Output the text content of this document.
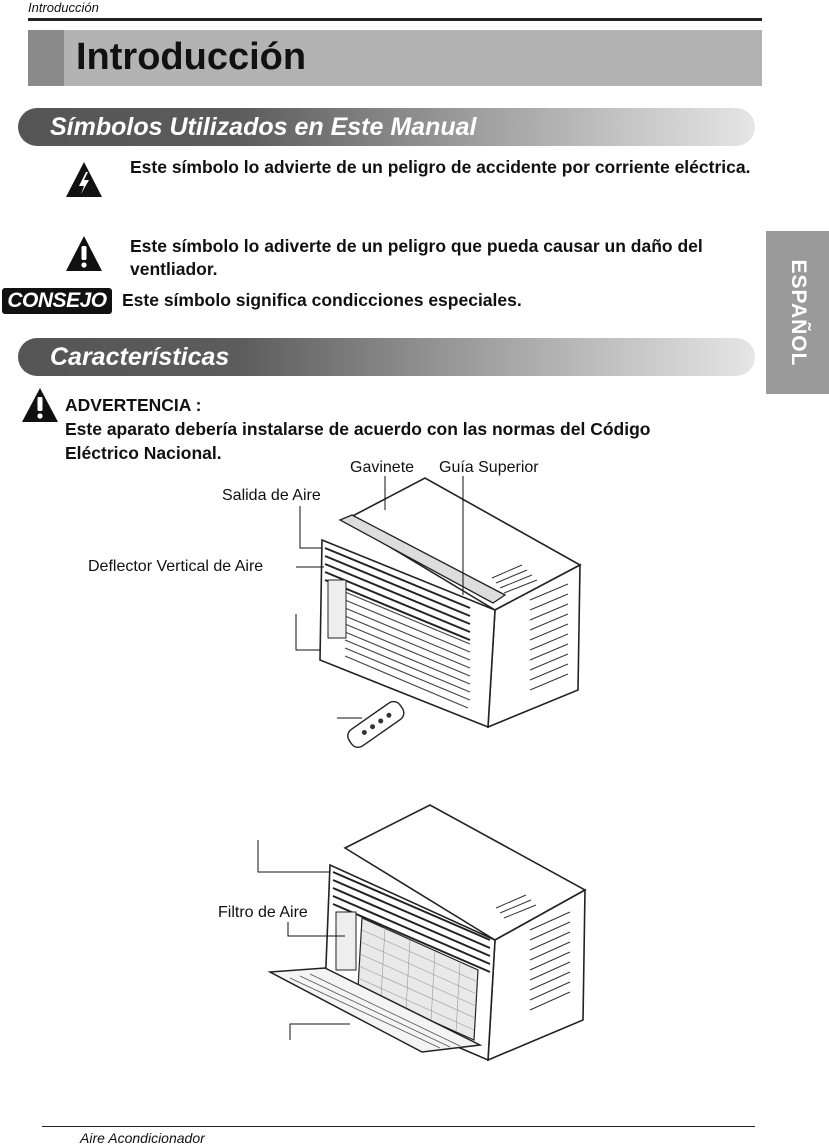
Introducción
Introducción
ESPAÑOL
Símbolos Utilizados en Este Manual
Este símbolo lo advierte de un peligro de accidente por corriente eléctrica.
Este símbolo lo adiverte de un peligro que pueda causar un daño del ventliador.
CONSEJO Este símbolo significa condicciones especiales.
Características
ADVERTENCIA :
Este aparato debería instalarse de acuerdo con las normas del Código
Eléctrico Nacional.
Gavinete Guía Superior
Salida de Aire
Deflector Vertical de Aire
Filtro de Aire
Aire Acondicionador
